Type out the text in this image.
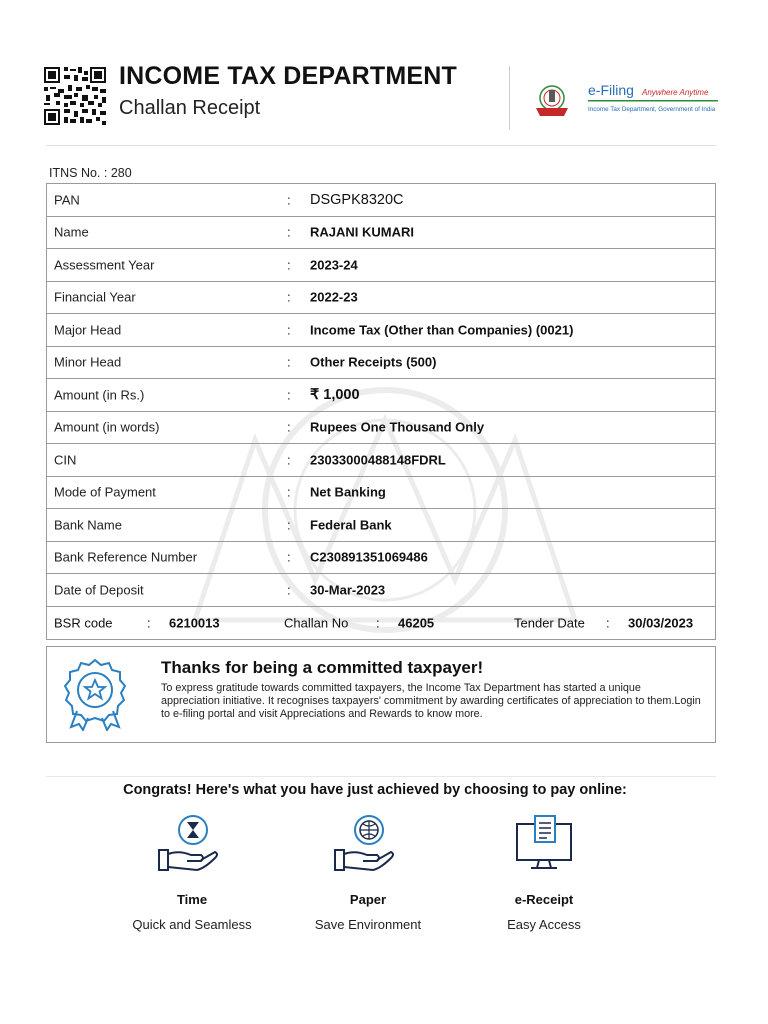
INCOME TAX DEPARTMENT
Challan Receipt
e-Filing Anywhere Anytime
Income Tax Department, Government of India
ITNS No. : 280
PAN	: DSGPK8320C
Name	: RAJANI KUMARI
Assessment Year	: 2023-24
Financial Year	: 2022-23
Major Head	: Income Tax (Other than Companies) (0021)
Minor Head	: Other Receipts (500)
Amount (in Rs.)	: ₹ 1,000
Amount (in words)	: Rupees One Thousand Only
CIN	: 23033000488148FDRL
Mode of Payment	: Net Banking
Bank Name	: Federal Bank
Bank Reference Number	: C230891351069486
Date of Deposit	: 30-Mar-2023
BSR code	: 6210013	Challan No : 46205	Tender Date : 30/03/2023
Thanks for being a committed taxpayer!
To express gratitude towards committed taxpayers, the Income Tax Department has started a unique appreciation initiative. It recognises taxpayers' commitment by awarding certificates of appreciation to them.Login to e-filing portal and visit Appreciations and Rewards to know more.
Congrats! Here's what you have just achieved by choosing to pay online:
Time
Quick and Seamless
Paper
Save Environment
e-Receipt
Easy Access
